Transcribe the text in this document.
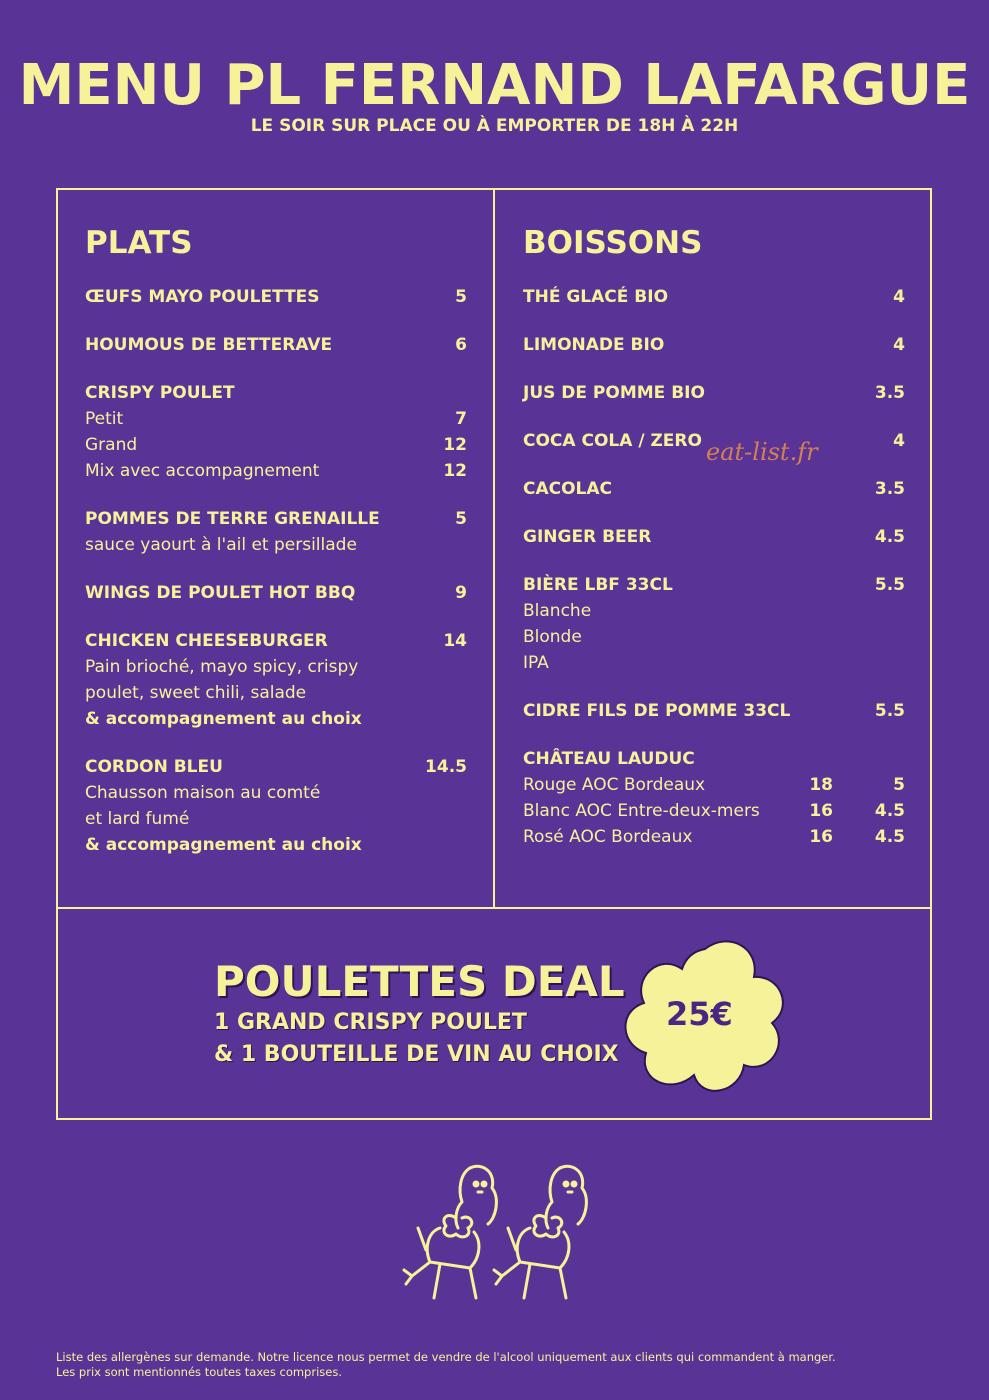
MENU PL FERNAND LAFARGUE
LE SOIR SUR PLACE OU À EMPORTER DE 18H À 22H
PLATS
ŒUFS MAYO POULETTES	5
HOUMOUS DE BETTERAVE	6
CRISPY POULET
Petit	7
Grand	12
Mix avec accompagnement	12
POMMES DE TERRE GRENAILLE	5
sauce yaourt à l'ail et persillade
WINGS DE POULET HOT BBQ	9
CHICKEN CHEESEBURGER	14
Pain brioché, mayo spicy, crispy
poulet, sweet chili, salade
& accompagnement au choix
CORDON BLEU	14.5
Chausson maison au comté
et lard fumé
& accompagnement au choix
BOISSONS
THÉ GLACÉ BIO	4
LIMONADE BIO	4
JUS DE POMME BIO	3.5
COCA COLA / ZERO	4
CACOLAC	3.5
GINGER BEER	4.5
BIÈRE LBF 33CL	5.5
Blanche
Blonde
IPA
CIDRE FILS DE POMME 33CL	5.5
CHÂTEAU LAUDUC
Rouge AOC Bordeaux	18	5
Blanc AOC Entre-deux-mers	16	4.5
Rosé AOC Bordeaux	16	4.5
eat-list.fr
POULETTES DEAL
1 GRAND CRISPY POULET
& 1 BOUTEILLE DE VIN AU CHOIX
25€
Liste des allergènes sur demande. Notre licence nous permet de vendre de l'alcool uniquement aux clients qui commandent à manger.
Les prix sont mentionnés toutes taxes comprises.
